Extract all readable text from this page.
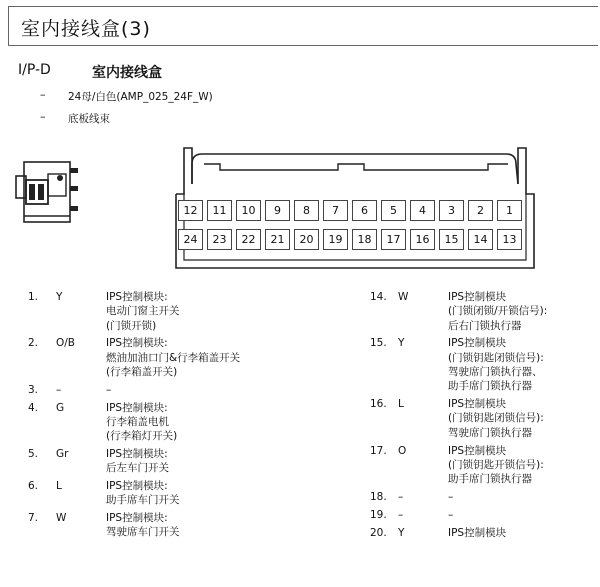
室内接线盒(3)
I/P-D	室内接线盒
– 24母/白色(AMP_025_24F_W)
– 底板线束
12	11	10	9	8	7	6	5	4	3	2	1
24	23	22	21	20	19	18	17	16	15	14	13
1.	Y	IPS控制模块:
电动门窗主开关
(门锁开锁)
2.	O/B	IPS控制模块:
燃油加油口门&行李箱盖开关
(行李箱盖开关)
3.	–	–
4.	G	IPS控制模块:
行李箱盖电机
(行李箱灯开关)
5.	Gr	IPS控制模块:
后左车门开关
6.	L	IPS控制模块:
助手席车门开关
7.	W	IPS控制模块:
驾驶席车门开关
14.	W	IPS控制模块
(门锁闭锁/开锁信号):
后右门锁执行器
15.	Y	IPS控制模块
(门锁钥匙闭锁信号):
驾驶席门锁执行器、
助手席门锁执行器
16.	L	IPS控制模块
(门锁钥匙闭锁信号):
驾驶席门锁执行器
17.	O	IPS控制模块
(门锁钥匙开锁信号):
助手席门锁执行器
18.	–	–
19.	–	–
20.	Y	IPS控制模块
